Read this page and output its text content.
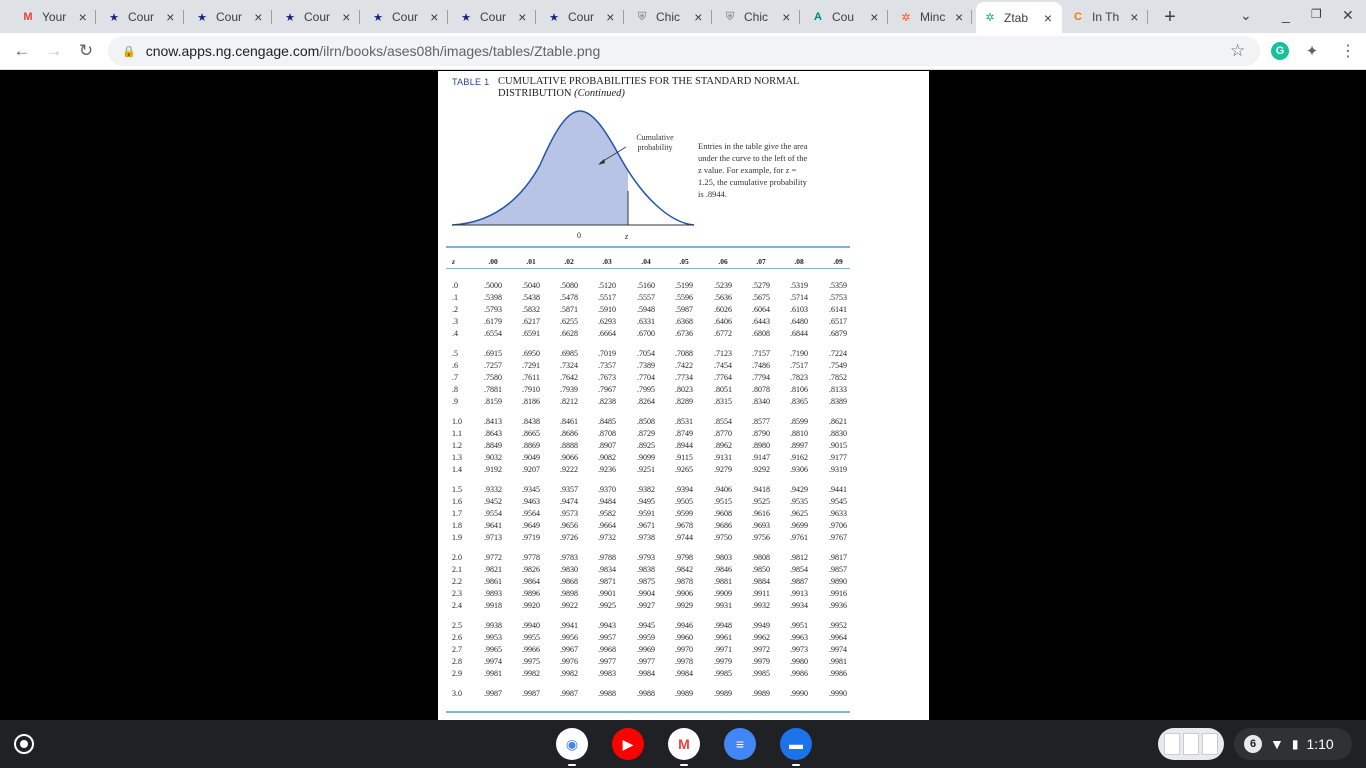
+	⌄ _ ❐ ✕
M Your × ★ Cour ×	★ Cour ×	★ Cour ×	★ Cour ×	★ Cour ×	★ Cour ×	⛨ Chic	×	⛨ Chic	×	A Cou	×	✲ Minc ×	✲ Ztab	×	C In Th ×
← → ↻	🔒 cnow.apps.ng.cengage.com /ilrn/books/ases08h/images/tables/Ztable.png	☆	G	✦ ⋮
TABLE 1 CUMULATIVE PROBABILITIES FOR THE STANDARD NORMAL
DISTRIBUTION (Continued)
0	z
Cumulative probability	Entries in the table give the area under the curve to the left of the z value. For example, for z = 1.25, the cumulative probability is .8944.
z	.00	.01	.02	.03	.04	.05	.06	.07	.08	.09
.0	.5000	.5040	.5080	.5120	.5160	.5199	.5239	.5279	.5319	.5359
.1	.5398	.5438	.5478	.5517	.5557	.5596	.5636	.5675	.5714	.5753
.2	.5793	.5832	.5871	.5910	.5948	.5987	.6026	.6064	.6103	.6141
.3	.6179	.6217	.6255	.6293	.6331	.6368	.6406	.6443	.6480	.6517
.4	.6554	.6591	.6628	.6664	.6700	.6736	.6772	.6808	.6844	.6879
.5	.6915	.6950	.6985	.7019	.7054	.7088	.7123	.7157	.7190	.7224
.6	.7257	.7291	.7324	.7357	.7389	.7422	.7454	.7486	.7517	.7549
.7	.7580	.7611	.7642	.7673	.7704	.7734	.7764	.7794	.7823	.7852
.8	.7881	.7910	.7939	.7967	.7995	.8023	.8051	.8078	.8106	.8133
.9	.8159	.8186	.8212	.8238	.8264	.8289	.8315	.8340	.8365	.8389
1.0	.8413	.8438	.8461	.8485	.8508	.8531	.8554	.8577	.8599	.8621
1.1	.8643	.8665	.8686	.8708	.8729	.8749	.8770	.8790	.8810	.8830
1.2	.8849	.8869	.8888	.8907	.8925	.8944	.8962	.8980	.8997	.9015
1.3	.9032	.9049	.9066	.9082	.9099	.9115	.9131	.9147	.9162	.9177
1.4	.9192	.9207	.9222	.9236	.9251	.9265	.9279	.9292	.9306	.9319
1.5	.9332	.9345	.9357	.9370	.9382	.9394	.9406	.9418	.9429	.9441
1.6	.9452	.9463	.9474	.9484	.9495	.9505	.9515	.9525	.9535	.9545
1.7	.9554	.9564	.9573	.9582	.9591	.9599	.9608	.9616	.9625	.9633
1.8	.9641	.9649	.9656	.9664	.9671	.9678	.9686	.9693	.9699	.9706
1.9	.9713	.9719	.9726	.9732	.9738	.9744	.9750	.9756	.9761	.9767
2.0	.9772	.9778	.9783	.9788	.9793	.9798	.9803	.9808	.9812	.9817
2.1	.9821	.9826	.9830	.9834	.9838	.9842	.9846	.9850	.9854	.9857
2.2	.9861	.9864	.9868	.9871	.9875	.9878	.9881	.9884	.9887	.9890
2.3	.9893	.9896	.9898	.9901	.9904	.9906	.9909	.9911	.9913	.9916
2.4	.9918	.9920	.9922	.9925	.9927	.9929	.9931	.9932	.9934	.9936
2.5	.9938	.9940	.9941	.9943	.9945	.9946	.9948	.9949	.9951	.9952
2.6	.9953	.9955	.9956	.9957	.9959	.9960	.9961	.9962	.9963	.9964
2.7	.9965	.9966	.9967	.9968	.9969	.9970	.9971	.9972	.9973	.9974
2.8	.9974	.9975	.9976	.9977	.9977	.9978	.9979	.9979	.9980	.9981
2.9	.9981	.9982	.9982	.9983	.9984	.9984	.9985	.9985	.9986	.9986
3.0	.9987	.9987	.9987	.9988	.9988	.9989	.9989	.9989	.9990	.9990
6 ▼ ▮ 1:10
◉	▶	M	≡	▬
